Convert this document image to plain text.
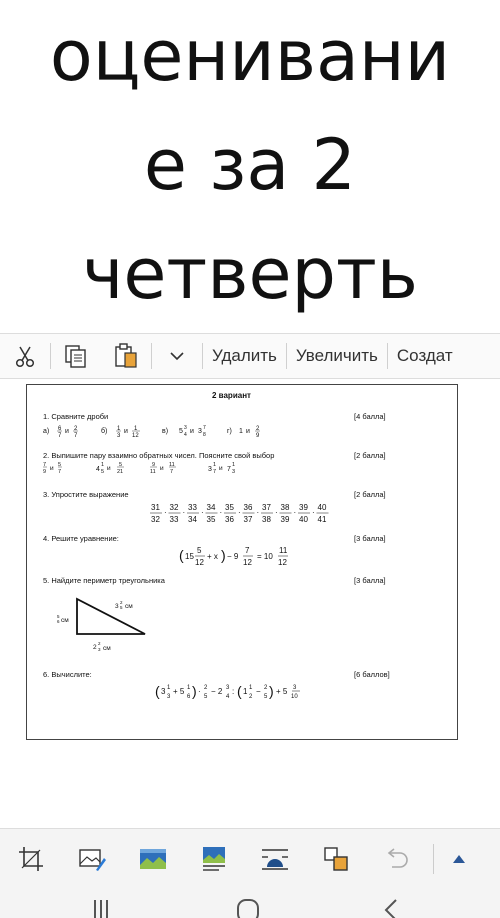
оценивани
е за 2
четверть
Удалить	Увеличить	Создат
2 вариант
1. Сравните дроби	[4 балла]
а) 6
7
и 2
7
б) 1
3
и 1
12
в) 5 3
4 и 3 7
8	г) 1 и 2
9
2. Выпишите пару взаимно обратных чисел. Поясните свой выбор	[2 балла]
7
9 и 5
7	4
1
5 и 5
21
9
11 и 11
7	3
1
7 и 7
1
3
3. Упростите выражение	[2 балла]
31
32
·
32
33
·
33
34
·
34
35
·
35
36
·
36
37
·
37
38
·
38
39
·
39
40
·
40
41
4. Решите уравнение:	[3 балла]
( 15
5
12
+ x ) − 9
7
12
= 10
11
12
5. Найдите периметр треугольника	[3 балла]
3
2
5 см
5
6 см
2
2
3 см
6. Вычислите:	[6 баллов]
( 3 1
3
+ 5 1
6 ) · 2
5
− 2 3
4
: ( 1 1
2
− 2
5 ) + 5 3
10
